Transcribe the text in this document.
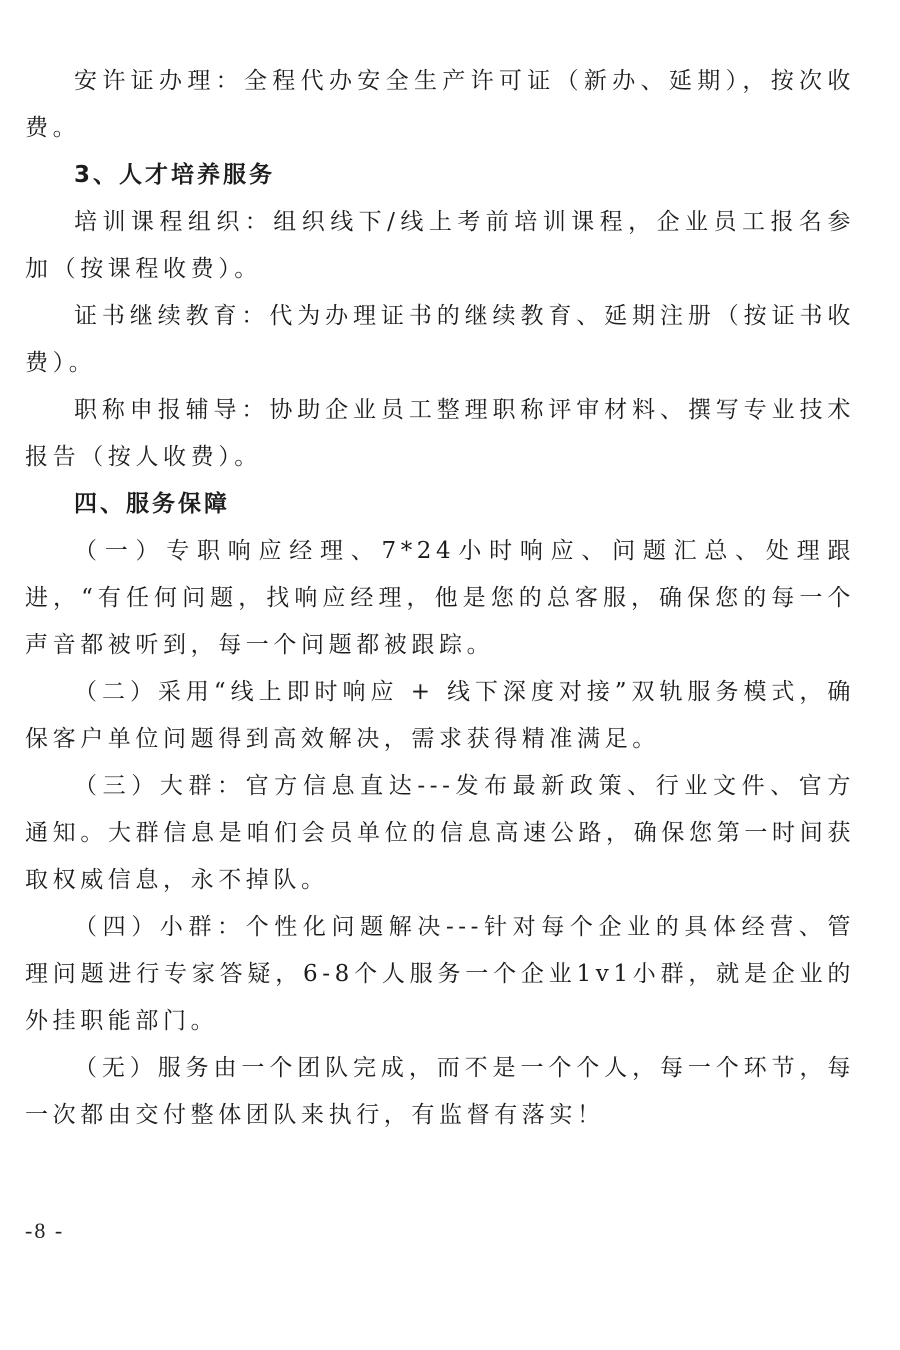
安许证办理：全程代办安全生产许可证（新办、延期），按次收费。

3、人才培养服务

培训课程组织：组织线下/线上考前培训课程，企业员工报名参加（按课程收费）。

证书继续教育：代为办理证书的继续教育、延期注册（按证书收费）。

职称申报辅导：协助企业员工整理职称评审材料、撰写专业技术报告（按人收费）。

四、服务保障

（一）专职响应经理、7*24小时响应、问题汇总、处理跟进，“有任何问题，找响应经理，他是您的总客服，确保您的每一个声音都被听到，每一个问题都被跟踪。

（二）采用“线上即时响应 + 线下深度对接”双轨服务模式，确保客户单位问题得到高效解决，需求获得精准满足。

（三）大群：官方信息直达---发布最新政策、行业文件、官方通知。大群信息是咱们会员单位的信息高速公路，确保您第一时间获取权威信息，永不掉队。

（四）小群：个性化问题解决---针对每个企业的具体经营、管理问题进行专家答疑，6-8个人服务一个企业1v1小群，就是企业的外挂职能部门。

（无）服务由一个团队完成，而不是一个个人，每一个环节，每一次都由交付整体团队来执行，有监督有落实！

-8 -
